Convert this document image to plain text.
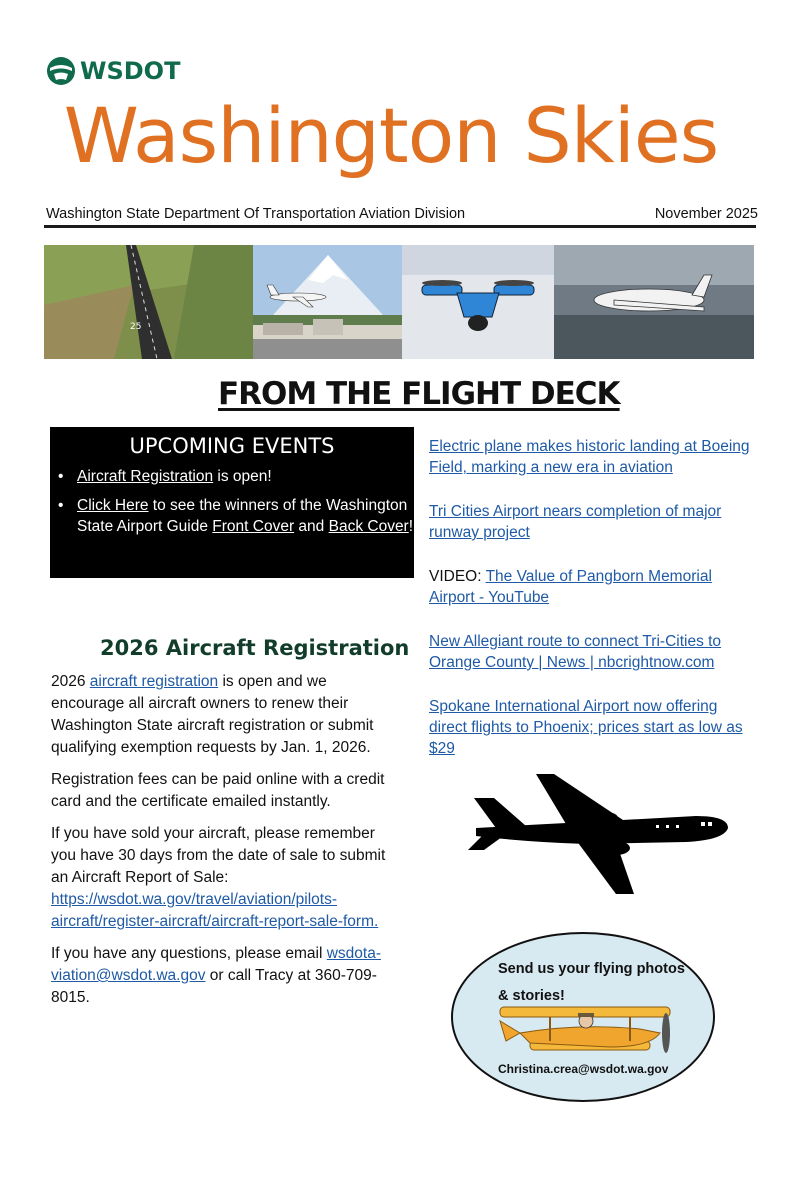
WSDOT
Washington Skies
Washington State Department Of Transportation Aviation Division	November 2025
25
FROM THE FLIGHT DECK
UPCOMING EVENTS
• Aircraft Registration is open!
• Click Here to see the winners of the Washington State Airport Guide Front Cover and Back Cover!
Electric plane makes historic landing at Boeing Field, marking a new era in aviation
Tri Cities Airport nears completion of major runway project
VIDEO: The Value of Pangborn Memorial Airport - YouTube
New Allegiant route to connect Tri-Cities to Orange County | News | nbcrightnow.com
Spokane International Airport now offering direct flights to Phoenix; prices start as low as $29
2026 Aircraft Registration

2026 aircraft registration is open and we encourage all aircraft owners to renew their Washington State aircraft registration or submit qualifying exemption requests by Jan. 1, 2026.

Registration fees can be paid online with a credit card and the certificate emailed instantly.

If you have sold your aircraft, please remember you have 30 days from the date of sale to submit an Aircraft Report of Sale: https://wsdot.wa.gov/travel/aviation/pilots-aircraft/register-aircraft/aircraft-report-sale-form.

If you have any questions, please email wsdota-viation@wsdot.wa.gov or call Tracy at 360-709-8015.

Send us your flying photos & stories!
Christina.crea@wsdot.wa.gov
